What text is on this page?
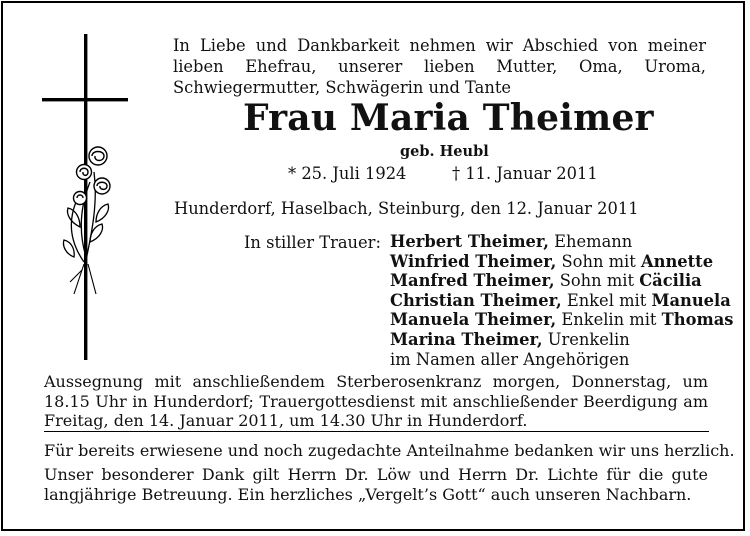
In Liebe und Dankbarkeit nehmen wir Abschied von meiner lieben Ehefrau, unserer lieben Mutter, Oma, Uroma, Schwiegermutter, Schwägerin und Tante
Frau Maria Theimer
geb. Heubl
* 25. Juli 1924	† 11. Januar 2011
Hunderdorf, Haselbach, Steinburg, den 12. Januar 2011
In stiller Trauer: Herbert Theimer, Ehemann
Winfried Theimer, Sohn mit Annette
Manfred Theimer, Sohn mit Cäcilia
Christian Theimer, Enkel mit Manuela
Manuela Theimer, Enkelin mit Thomas
Marina Theimer, Urenkelin
im Namen aller Angehörigen
Aussegnung mit anschließendem Sterberosenkranz morgen, Donnerstag, um 18.15 Uhr in Hunderdorf; Trauergottesdienst mit anschließender Beerdigung am Freitag, den 14. Januar 2011, um 14.30 Uhr in Hunderdorf.
Für bereits erwiesene und noch zugedachte Anteilnahme bedanken wir uns herzlich.
Unser besonderer Dank gilt Herrn Dr. Löw und Herrn Dr. Lichte für die gute langjährige Betreuung. Ein herzliches „Vergelt’s Gott“ auch unseren Nachbarn.
